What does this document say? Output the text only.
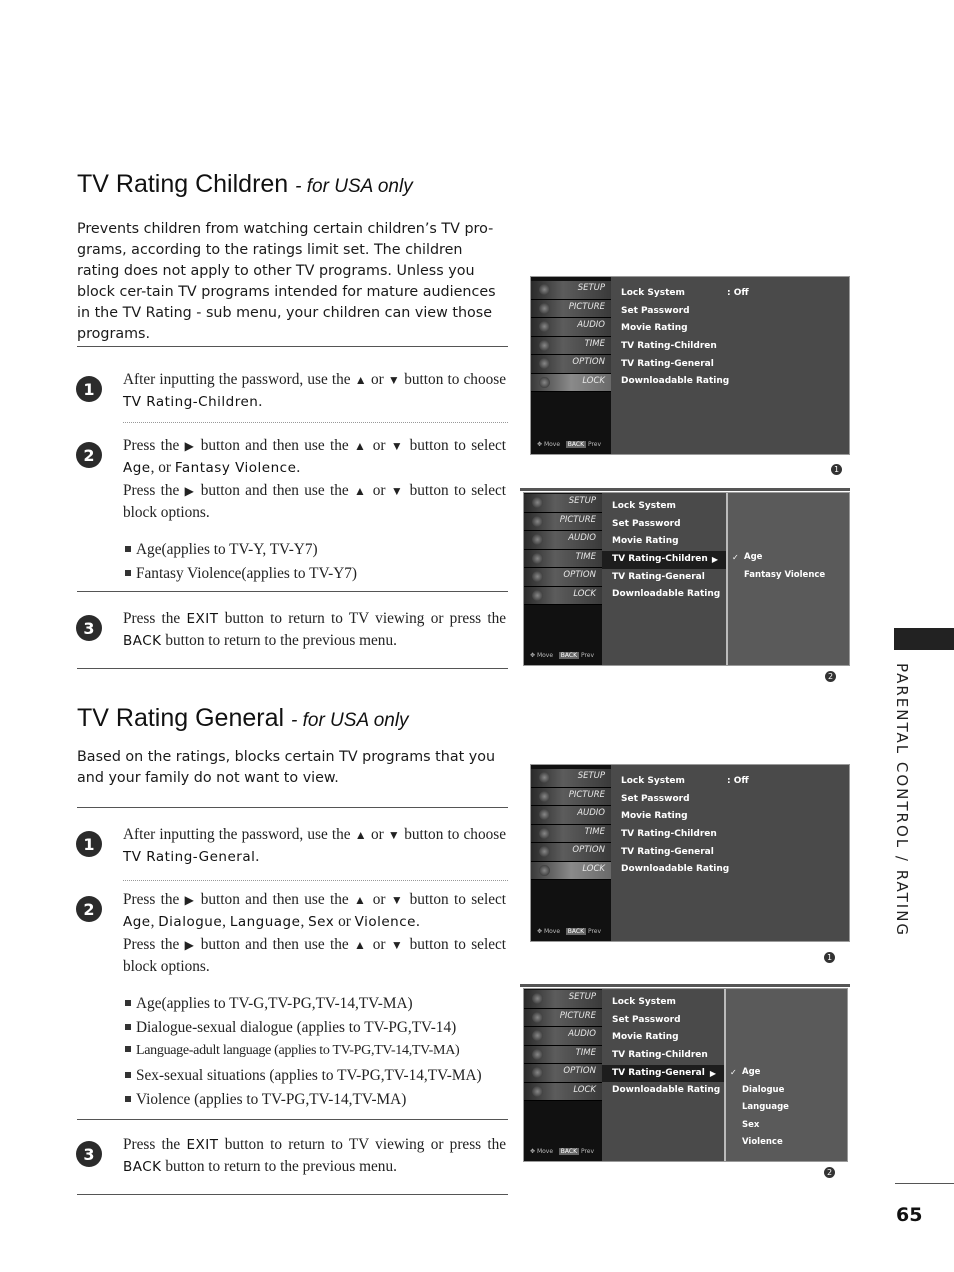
TV Rating Children - for USA only
Prevents children from watching certain children’s TV pro-grams, according to the ratings limit set. The children rating does not apply to other TV programs. Unless you block cer-tain TV programs intended for mature audiences in the TV Rating - sub menu, your children can view those programs.
1	After inputting the password, use the ▲ or ▼ button to choose TV Rating-Children.
2	Press the ▶ button and then use the ▲ or ▼ button to select Age, or Fantasy Violence.
Press the ▶ button and then use the ▲ or ▼ button to select block options.
Age(applies to TV-Y, TV-Y7)
Fantasy Violence(applies to TV-Y7)
3	Press the EXIT button to return to TV viewing or press the BACK button to return to the previous menu.
TV Rating General - for USA only
Based on the ratings, blocks certain TV programs that you and your family do not want to view.
1	After inputting the password, use the ▲ or ▼ button to choose TV Rating-General.
2	Press the ▶ button and then use the ▲ or ▼ button to select Age, Dialogue, Language, Sex or Violence.
Press the ▶ button and then use the ▲ or ▼ button to select block options.
Age(applies to TV-G,TV-PG,TV-14,TV-MA)
Dialogue-sexual dialogue (applies to TV-PG,TV-14)
Language-adult language (applies to TV-PG,TV-14,TV-MA)
Sex-sexual situations (applies to TV-PG,TV-14,TV-MA)
Violence (applies to TV-PG,TV-14,TV-MA)
3	Press the EXIT button to return to TV viewing or press the BACK button to return to the previous menu.
SETUP
PICTURE
AUDIO
TIME
OPTION
LOCK
✥ Move BACK Prev
Lock System	: Off
Set Password
Movie Rating
TV Rating-Children
TV Rating-General
Downloadable Rating
1
SETUP
PICTURE
AUDIO
TIME
OPTION
LOCK
✥ Move BACK Prev
Lock System
Set Password
Movie Rating
TV Rating-Children ▶
TV Rating-General
Downloadable Rating
✓ Age
Fantasy Violence
2
SETUP
PICTURE
AUDIO
TIME
OPTION
LOCK
✥ Move BACK Prev
Lock System	: Off
Set Password
Movie Rating
TV Rating-Children
TV Rating-General
Downloadable Rating
1
SETUP
PICTURE
AUDIO
TIME
OPTION
LOCK
✥ Move BACK Prev
Lock System
Set Password
Movie Rating
TV Rating-Children
TV Rating-General ▶
Downloadable Rating
✓ Age
Dialogue
Language
Sex
Violence
2
PARENTAL CONTROL / RATING
65
